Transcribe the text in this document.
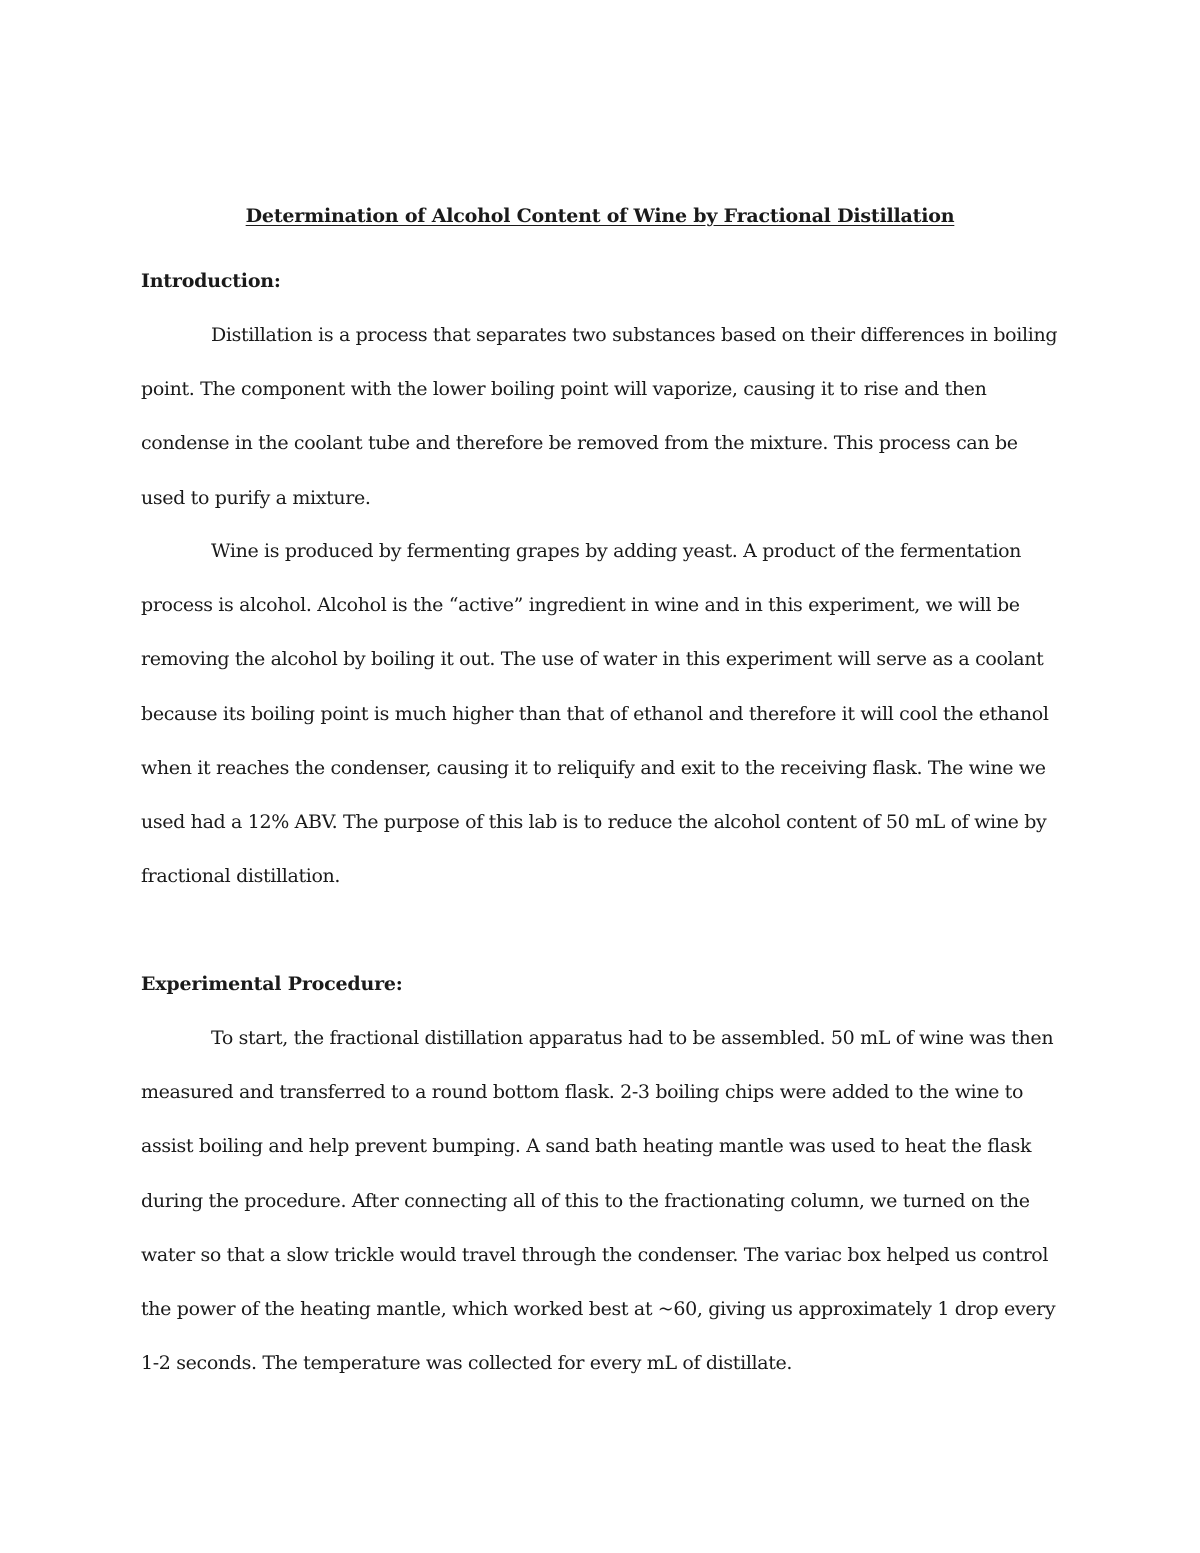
Determination of Alcohol Content of Wine by Fractional Distillation
Introduction:

Distillation is a process that separates two substances based on their differences in boiling point. The component with the lower boiling point will vaporize, causing it to rise and then condense in the coolant tube and therefore be removed from the mixture. This process can be used to purify a mixture.

Wine is produced by fermenting grapes by adding yeast. A product of the fermentation process is alcohol. Alcohol is the “active” ingredient in wine and in this experiment, we will be removing the alcohol by boiling it out. The use of water in this experiment will serve as a coolant because its boiling point is much higher than that of ethanol and therefore it will cool the ethanol when it reaches the condenser, causing it to reliquify and exit to the receiving flask. The wine we used had a 12% ABV. The purpose of this lab is to reduce the alcohol content of 50 mL of wine by fractional distillation.

Experimental Procedure:

To start, the fractional distillation apparatus had to be assembled. 50 mL of wine was then measured and transferred to a round bottom flask. 2-3 boiling chips were added to the wine to assist boiling and help prevent bumping. A sand bath heating mantle was used to heat the flask during the procedure. After connecting all of this to the fractionating column, we turned on the water so that a slow trickle would travel through the condenser. The variac box helped us control the power of the heating mantle, which worked best at ~60, giving us approximately 1 drop every 1-2 seconds. The temperature was collected for every mL of distillate.
